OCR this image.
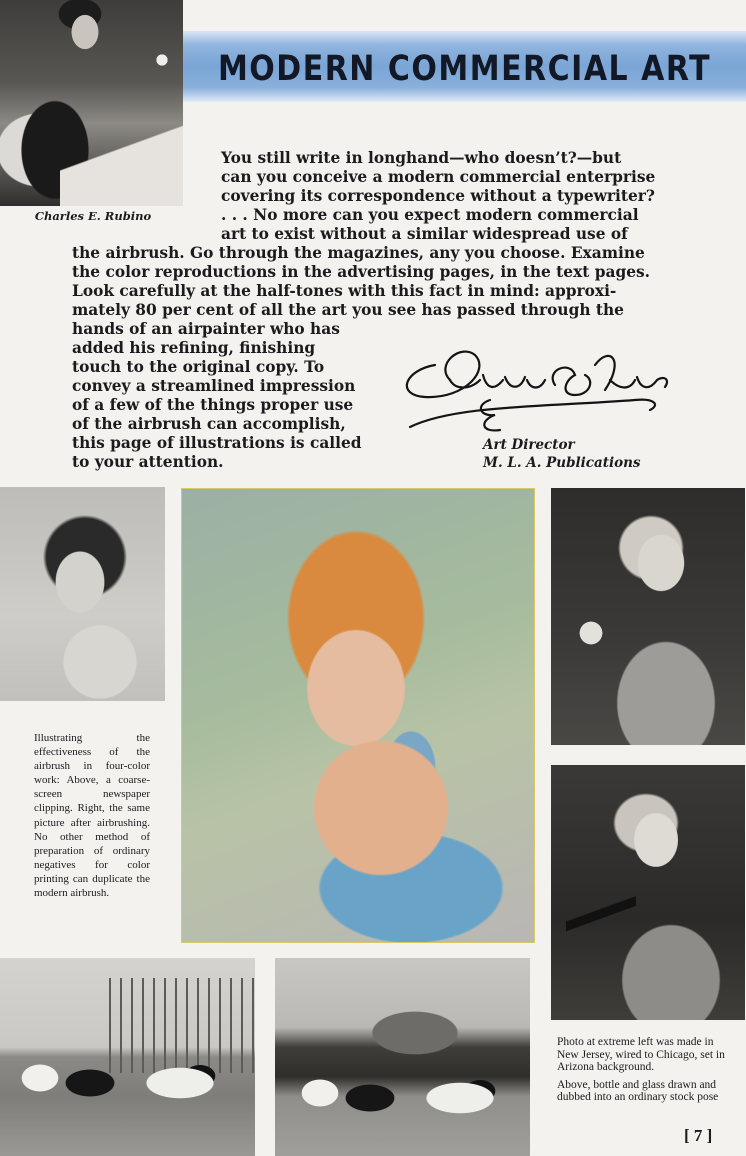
Charles E. Rubino
MODERN COMMERCIAL ART
You still write in longhand—who doesn’t?—but
can you conceive a modern commercial enterprise
covering its correspondence without a typewriter?
. . . No more can you expect modern commercial
art to exist without a similar widespread use of
the airbrush. Go through the magazines, any you choose. Examine
the color reproductions in the advertising pages, in the text pages.
Look carefully at the half-tones with this fact in mind: approxi-
mately 80 per cent of all the art you see has passed through the
hands of an airpainter who has
added his refining, finishing
touch to the original copy. To
convey a streamlined impression
of a few of the things proper use
of the airbrush can accomplish,
this page of illustrations is called
to your attention.
Art Director
M. L. A. Publications
Illustrating the effectiveness of the airbrush in four-color work: Above, a coarse-screen newspaper clipping. Right, the same picture after airbrushing. No other method of preparation of ordinary negatives for color printing can duplicate the modern airbrush.

Photo at extreme left was made in New Jersey, wired to Chicago, set in Arizona background.

Above, bottle and glass drawn and dubbed into an ordinary stock pose

[ 7 ]
